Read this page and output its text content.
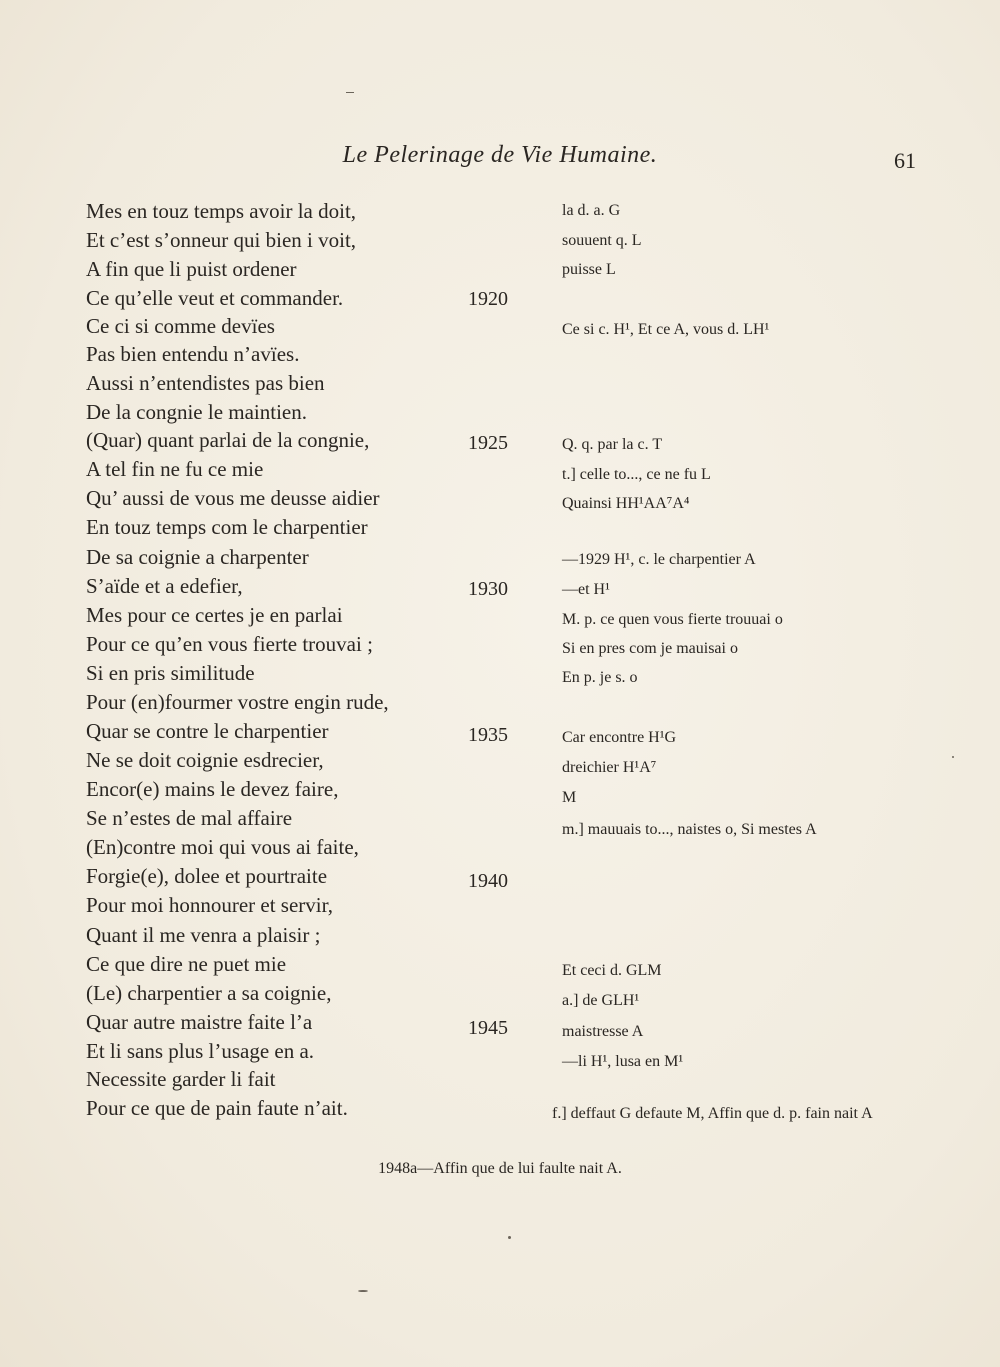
Le Pelerinage de Vie Humaine.	61
Mes en touz temps avoir la doit,
Et c’est s’onneur qui bien i voit,
A fin que li puist ordener
Ce qu’elle veut et commander.
Ce ci si comme devïes
Pas bien entendu n’avïes.
Aussi n’entendistes pas bien
De la congnie le maintien.
(Quar) quant parlai de la congnie,
A tel fin ne fu ce mie
Qu’ aussi de vous me deusse aidier
En touz temps com le charpentier
De sa coignie a charpenter
S’aïde et a edefier,
Mes pour ce certes je en parlai
Pour ce qu’en vous fierte trouvai ;
Si en pris similitude
Pour (en)fourmer vostre engin rude,
Quar se contre le charpentier
Ne se doit coignie esdrecier,
Encor(e) mains le devez faire,
Se n’estes de mal affaire
(En)contre moi qui vous ai faite,
Forgie(e), dolee et pourtraite
Pour moi honnourer et servir,
Quant il me venra a plaisir ;
Ce que dire ne puet mie
(Le) charpentier a sa coignie,
Quar autre maistre faite l’a
Et li sans plus l’usage en a.
Necessite garder li fait
Pour ce que de pain faute n’ait.
1920
1925
1930
1935
1940
1945
la d. a. G
souuent q. L
puisse L
Ce si c. H¹, Et ce A, vous d. LH¹
Q. q. par la c. T
t.] celle to..., ce ne fu L
Quainsi HH¹AA⁷A⁴
—1929 H¹, c. le charpentier A
—et H¹
M. p. ce quen vous fierte trouuai o
Si en pres com je mauisai o
En p. je s. o
Car encontre H¹G
dreichier H¹A⁷
M
m.] mauuais to..., naistes o, Si mestes A
Et ceci d. GLM
a.] de GLH¹
maistresse A
—li H¹, lusa en M¹
f.] deffaut G defaute M, Affin que d. p. fain nait A
1948a—Affin que de lui faulte nait A.
